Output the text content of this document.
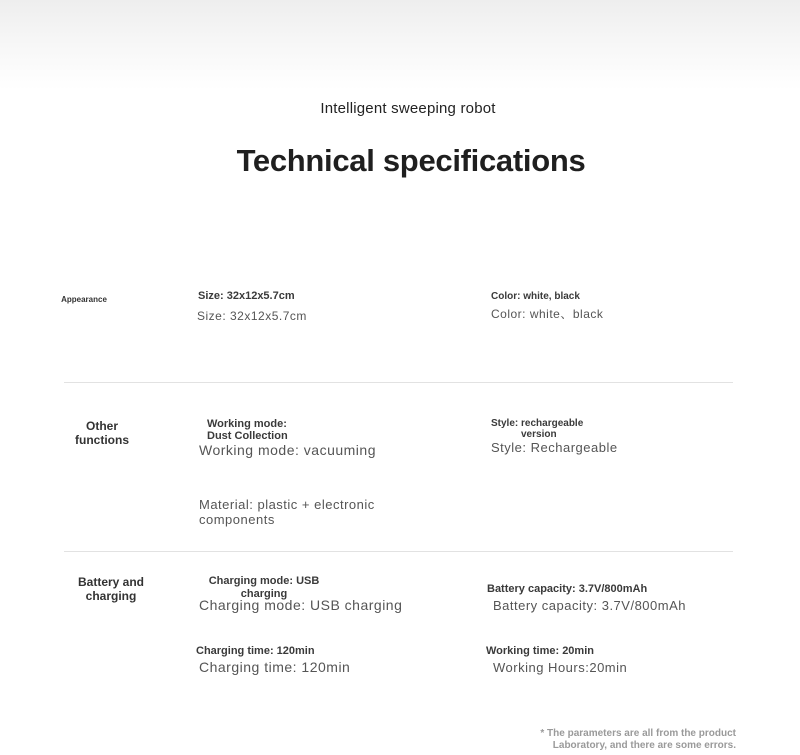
Intelligent sweeping robot
Technical specifications
Appearance	Size: 32x12x5.7cm
Size: 32x12x5.7cm
Color: white, black
Color: white、black
Other
functions
Working mode:
Dust Collection
Working mode: vacuuming
Style: rechargeable
version
Style: Rechargeable
Material: plastic + electronic
components
Battery and
charging
Charging mode: USB
charging
Charging mode: USB charging
Battery capacity: 3.7V/800mAh
Battery capacity: 3.7V/800mAh
Charging time: 120min
Charging time: 120min
Working time: 20min
Working Hours:20min
* The parameters are all from the product
Laboratory, and there are some errors.
